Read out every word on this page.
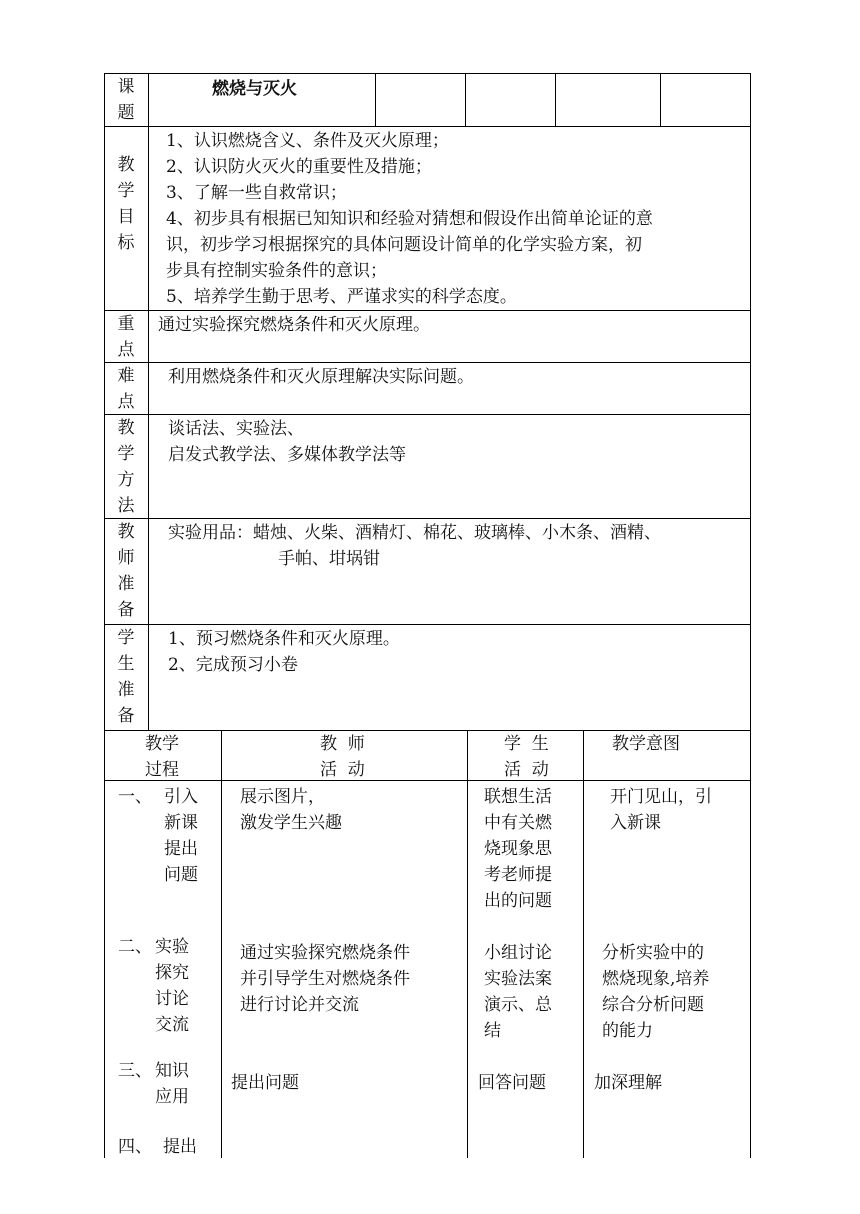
课
题
燃烧与灭火
教
学
目
标
1、认识燃烧含义、条件及灭火原理；
2、认识防火灭火的重要性及措施；
3、了解一些自救常识；
4、初步具有根据已知知识和经验对猜想和假设作出简单论证的意
识，初步学习根据探究的具体问题设计简单的化学实验方案，初
步具有控制实验条件的意识；
5、培养学生勤于思考、严谨求实的科学态度。
重
点
通过实验探究燃烧条件和灭火原理。
难
点
利用燃烧条件和灭火原理解决实际问题。
教
学
方
法
谈话法、实验法、
启发式教学法、多媒体教学法等
教
师
准
备
实验用品：蜡烛、火柴、酒精灯、棉花、玻璃棒、小木条、酒精、
手帕、坩埚钳
学
生
准
备
1、预习燃烧条件和灭火原理。
2、完成预习小卷
教学
过程
教  师
活  动
学  生
活  动
教学意图
一、 引入
新课
提出
问题
展示图片，
激发学生兴趣
联想生活
中有关燃
烧现象思
考老师提
出的问题
开门见山，引
入新课
二、 实验
探究
讨论
交流
通过实验探究燃烧条件
并引导学生对燃烧条件
进行讨论并交流
小组讨论
实验法案
演示、总
结
分析实验中的
燃烧现象,培养
综合分析问题
的能力
三、 知识
应用
提出问题	回答问题	加深理解
四、 提出
